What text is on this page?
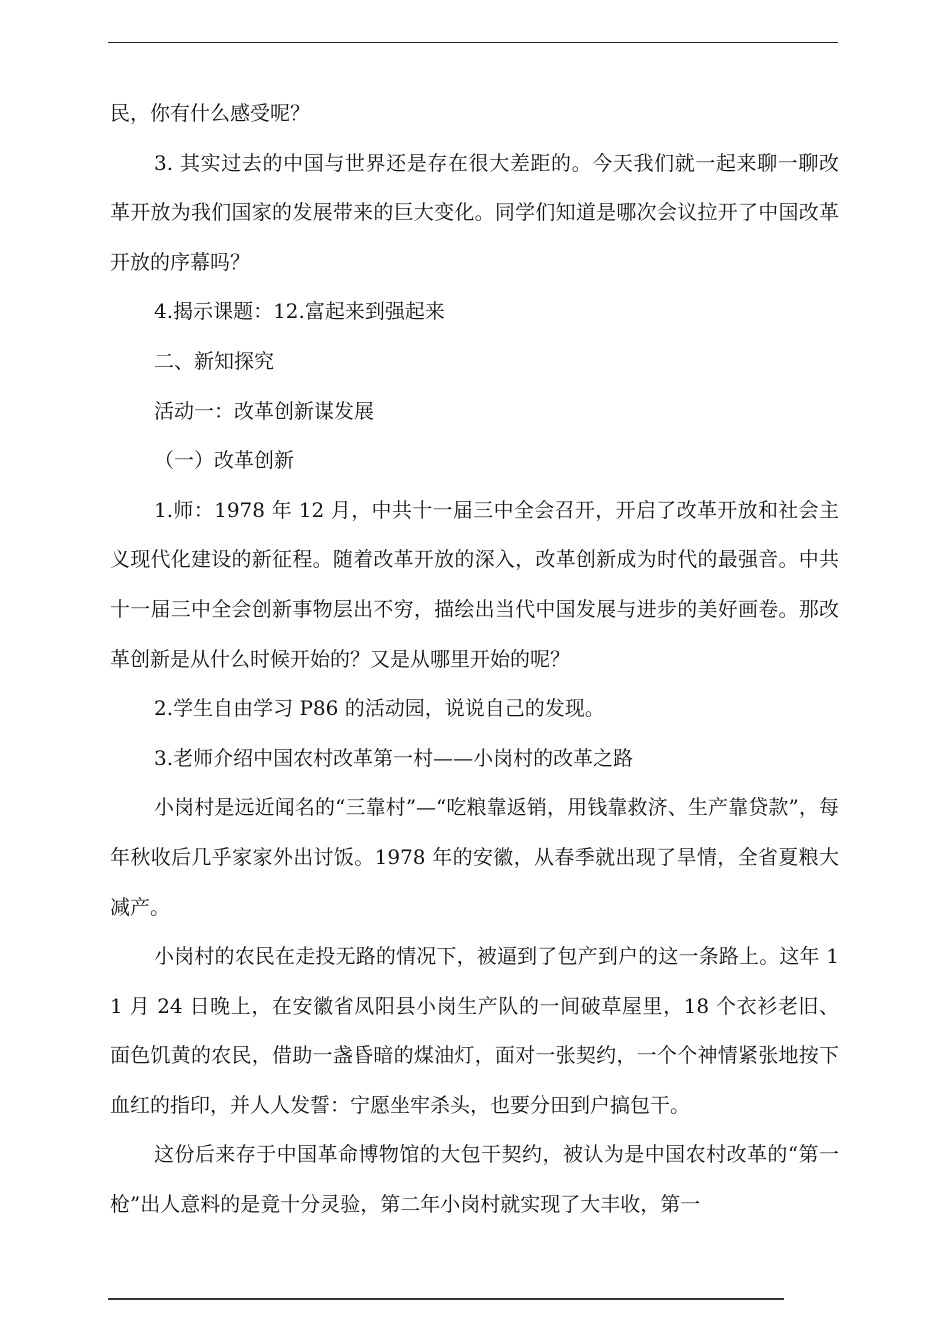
民，你有什么感受呢？

3. 其实过去的中国与世界还是存在很大差距的。今天我们就一起来聊一聊改革开放为我们国家的发展带来的巨大变化。同学们知道是哪次会议拉开了中国改革开放的序幕吗？

4.揭示课题：12.富起来到强起来

二、新知探究

活动一：改革创新谋发展

（一）改革创新

1.师：1978 年 12 月，中共十一届三中全会召开，开启了改革开放和社会主义现代化建设的新征程。随着改革开放的深入，改革创新成为时代的最强音。中共十一届三中全会创新事物层出不穷，描绘出当代中国发展与进步的美好画卷。那改革创新是从什么时候开始的？又是从哪里开始的呢？

2.学生自由学习 P86 的活动园，说说自己的发现。

3.老师介绍中国农村改革第一村——小岗村的改革之路

小岗村是远近闻名的“三靠村”—“吃粮靠返销，用钱靠救济、生产靠贷款”，每年秋收后几乎家家外出讨饭。1978 年的安徽，从春季就出现了旱情，全省夏粮大减产。

小岗村的农民在走投无路的情况下，被逼到了包产到户的这一条路上。这年 11 月 24 日晚上，在安徽省凤阳县小岗生产队的一间破草屋里，18 个衣衫老旧、面色饥黄的农民，借助一盏昏暗的煤油灯，面对一张契约，一个个神情紧张地按下血红的指印，并人人发誓：宁愿坐牢杀头，也要分田到户搞包干。

这份后来存于中国革命博物馆的大包干契约，被认为是中国农村改革的“第一枪”出人意料的是竟十分灵验，第二年小岗村就实现了大丰收，第一
